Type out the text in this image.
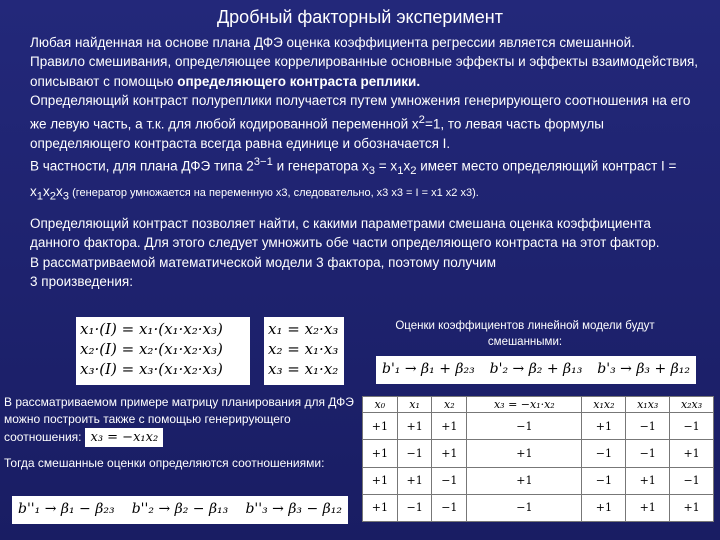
Дробный факторный эксперимент

Любая найденная на основе плана ДФЭ оценка коэффициента регрессии является смешанной.

Правило смешивания, определяющее коррелированные основные эффекты и эффекты взаимодействия, описывают с помощью определяющего контраста реплики.

Определяющий контраст полуреплики получается путем умножения генерирующего соотношения на его же левую часть, а т.к. для любой кодированной переменной $x^2=1$, то левая часть формулы определяющего контраста всегда равна единице и обозначается I.

В частности, для плана ДФЭ типа $2^{3-1}$ и генератора $x_3 = x_1x_2$ имеет место определяющий контраст $I = x_1x_2x_3$ (генератор умножается на переменную x3, следовательно, x3 x3 = I = x1 x2 x3).

Определяющий контраст позволяет найти, с какими параметрами смешана оценка коэффициента данного фактора. Для этого следует умножить обе части определяющего контраста на этот фактор.

В рассматриваемой математической модели 3 фактора, поэтому получим

3 произведения:

x₁·(I) = x₁·(x₁·x₂·x₃)
x₂·(I) = x₂·(x₁·x₂·x₃)
x₃·(I) = x₃·(x₁·x₂·x₃)
x₁ = x₂·x₃
x₂ = x₁·x₃
x₃ = x₁·x₂
Оценки коэффициентов линейной модели будут смешанными:
b'₁ → β₁ + β₂₃ b'₂ → β₂ + β₁₃ b'₃ → β₃ + β₁₂

В рассматриваемом примере матрицу планирования для ДФЭ можно построить также с помощью генерирующего соотношения: x₃ = −x₁x₂

Тогда смешанные оценки определяются соотношениями:

b''₁ → β₁ − β₂₃ b''₂ → β₂ − β₁₃ b''₃ → β₃ − β₁₂
x₀	x₁	x₂	x₃ = −x₁·x₂	x₁x₂	x₁x₃	x₂x₃
+1	+1	+1	−1	+1	−1	−1
+1	−1	+1	+1	−1	−1	+1
+1	+1	−1	+1	−1	+1	−1
+1	−1	−1	−1	+1	+1	+1
